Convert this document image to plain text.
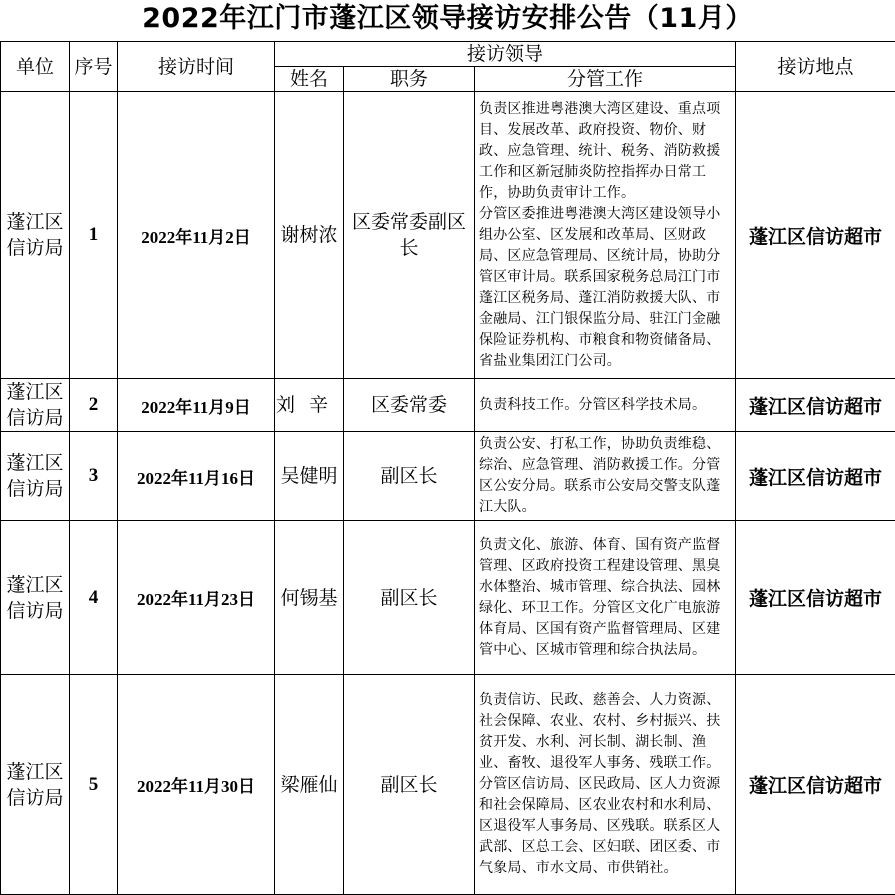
2022年江门市蓬江区领导接访安排公告（11月）
单位	序号	接访时间	接访领导			接访地点
			姓名	职务	分管工作	
蓬江区信访局	1	2022年11月2日	谢树浓	区委常委副区长	负责区推进粤港澳大湾区建设、重点项目、发展改革、政府投资、物价、财政、应急管理、统计、税务、消防救援工作和区新冠肺炎防控指挥办日常工作，协助负责审计工作。

分管区委推进粤港澳大湾区建设领导小组办公室、区发展和改革局、区财政局、区应急管理局、区统计局，协助分管区审计局。联系国家税务总局江门市蓬江区税务局、蓬江消防救援大队、市金融局、江门银保监分局、驻江门金融保险证券机构、市粮食和物资储备局、省盐业集团江门公司。	蓬江区信访超市
蓬江区信访局	2	2022年11月9日	刘辛	区委常委	负责科技工作。分管区科学技术局。	蓬江区信访超市
蓬江区信访局	3	2022年11月16日	吴健明	副区长	负责公安、打私工作，协助负责维稳、综治、应急管理、消防救援工作。分管区公安分局。联系市公安局交警支队蓬江大队。	蓬江区信访超市
蓬江区信访局	4	2022年11月23日	何锡基	副区长	负责文化、旅游、体育、国有资产监督管理、区政府投资工程建设管理、黑臭水体整治、城市管理、综合执法、园林绿化、环卫工作。分管区文化广电旅游体育局、区国有资产监督管理局、区建管中心、区城市管理和综合执法局。	蓬江区信访超市
蓬江区信访局	5	2022年11月30日	梁雁仙	副区长	负责信访、民政、慈善会、人力资源、社会保障、农业、农村、乡村振兴、扶贫开发、水利、河长制、湖长制、渔业、畜牧、退役军人事务、残联工作。分管区信访局、区民政局、区人力资源和社会保障局、区农业农村和水利局、区退役军人事务局、区残联。联系区人武部、区总工会、区妇联、团区委、市气象局、市水文局、市供销社。	蓬江区信访超市
